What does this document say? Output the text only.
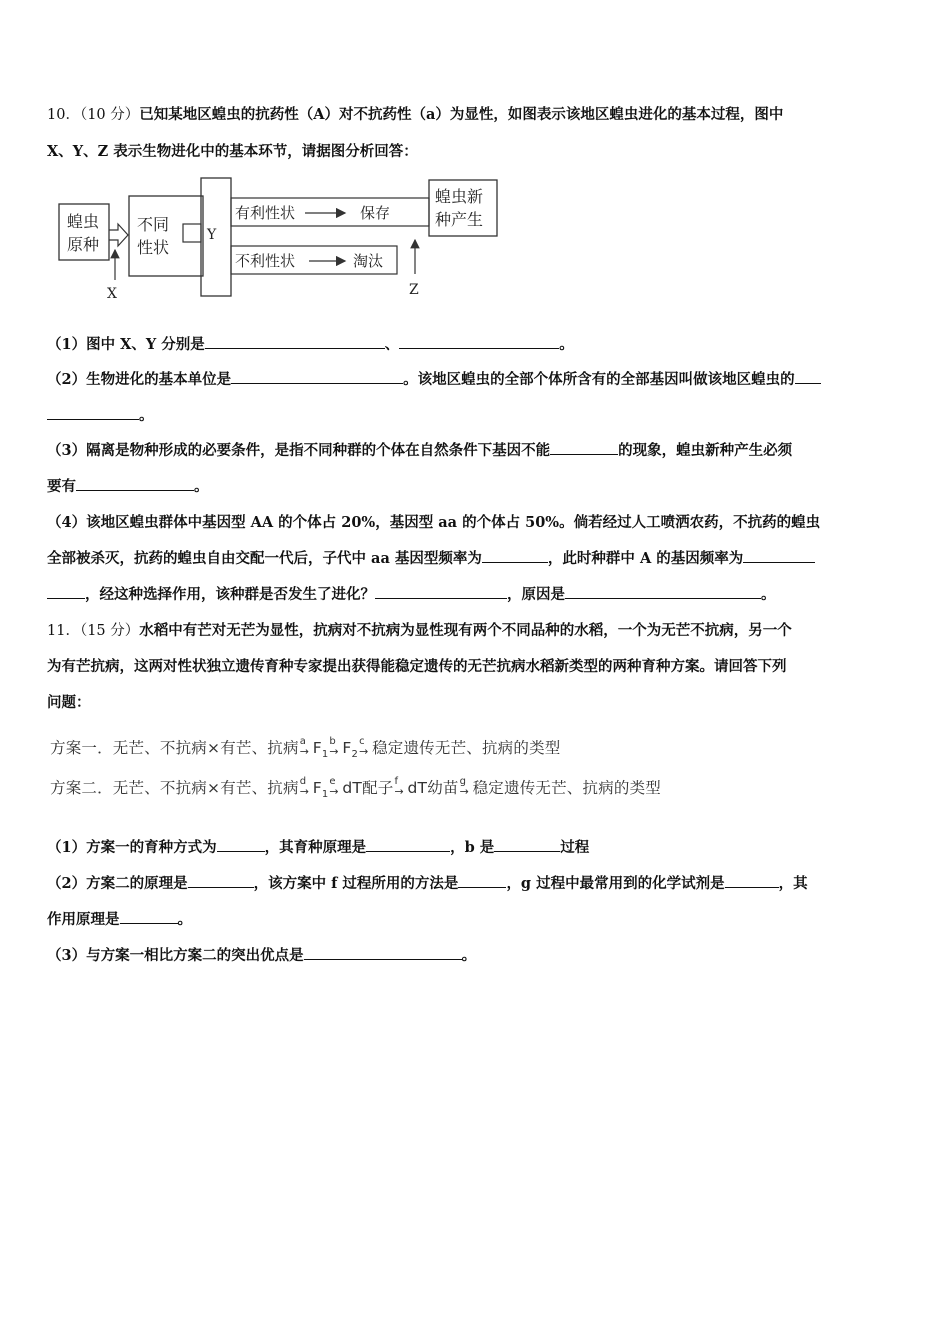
10．（10 分）已知某地区蝗虫的抗药性（A）对不抗药性（a）为显性，如图表示该地区蝗虫进化的基本过程，图中
X、Y、Z 表示生物进化中的基本环节，请据图分析回答：
蝗虫
原种
X
不同
性状
Y
有利性状	保存
不利性状	淘汰
蝗虫新
种产生
Z
（1）图中 X、Y 分别是	、	。
（2）生物进化的基本单位是	。该地区蝗虫的全部个体所含有的全部基因叫做该地区蝗虫的
。
（3）隔离是物种形成的必要条件，是指不同种群的个体在自然条件下基因不能	的现象，蝗虫新种产生必须
要有	。
（4）该地区蝗虫群体中基因型 AA 的个体占 20%，基因型 aa 的个体占 50%。倘若经过人工喷洒农药，不抗药的蝗虫
全部被杀灭，抗药的蝗虫自由交配一代后，子代中 aa 基因型频率为	，此时种群中 A 的基因频率为
，经这种选择作用，该种群是否发生了进化？	，原因是	。
11．（15 分）水稻中有芒对无芒为显性，抗病对不抗病为显性现有两个不同品种的水稻，一个为无芒不抗病，另一个
为有芒抗病，这两对性状独立遗传育种专家提出获得能稳定遗传的无芒抗病水稻新类型的两种育种方案。请回答下列
问题：
方案一．无芒、不抗病×有芒、抗病 a
→ $F_1$
b
→ $F_2$
c
→ 稳定遗传无芒、抗病的类型
方案二．无芒、不抗病×有芒、抗病 d
→ $F_1$
e
→ dT配子 f
→ dT幼苗 g
→ 稳定遗传无芒、抗病的类型
（1）方案一的育种方式为	，其育种原理是	，b 是	过程
（2）方案二的原理是	，该方案中 f 过程所用的方法是	，g 过程中最常用到的化学试剂是	，其
作用原理是	。
（3）与方案一相比方案二的突出优点是	。
